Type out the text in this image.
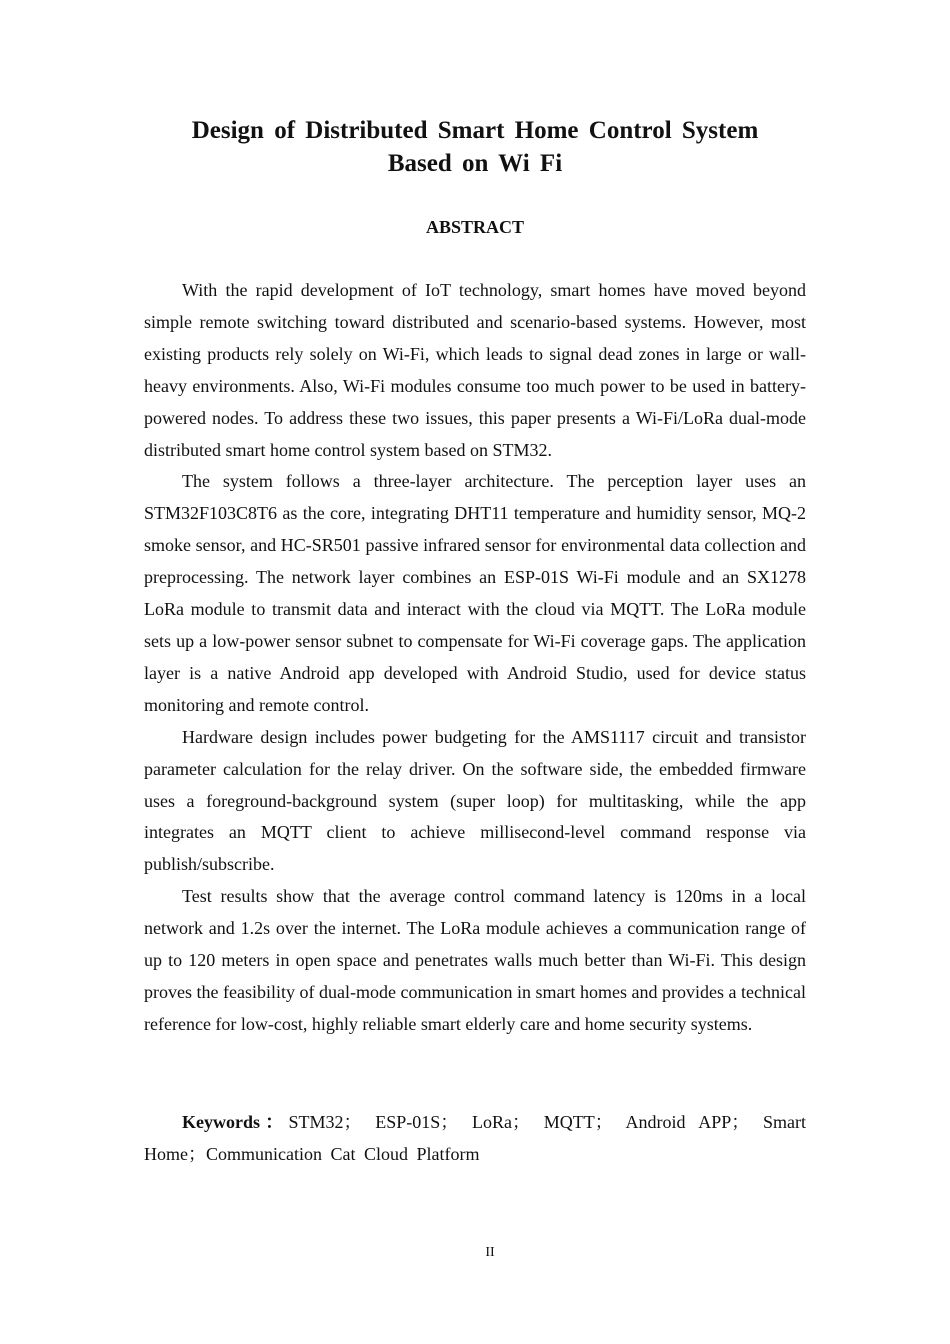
Design of Distributed Smart Home Control System
Based on Wi Fi
ABSTRACT

With the rapid development of IoT technology, smart homes have moved beyond simple remote switching toward distributed and scenario-based systems. However, most existing products rely solely on Wi-Fi, which leads to signal dead zones in large or wall-heavy environments. Also, Wi-Fi modules consume too much power to be used in battery-powered nodes. To address these two issues, this paper presents a Wi-Fi/LoRa dual-mode distributed smart home control system based on STM32.

The system follows a three-layer architecture. The perception layer uses an STM32F103C8T6 as the core, integrating DHT11 temperature and humidity sensor, MQ-2 smoke sensor, and HC-SR501 passive infrared sensor for environmental data collection and preprocessing. The network layer combines an ESP-01S Wi-Fi module and an SX1278 LoRa module to transmit data and interact with the cloud via MQTT. The LoRa module sets up a low-power sensor subnet to compensate for Wi-Fi coverage gaps. The application layer is a native Android app developed with Android Studio, used for device status monitoring and remote control.

Hardware design includes power budgeting for the AMS1117 circuit and transistor parameter calculation for the relay driver. On the software side, the embedded firmware uses a foreground-background system (super loop) for multitasking, while the app integrates an MQTT client to achieve millisecond-level command response via publish/subscribe.

Test results show that the average control command latency is 120ms in a local network and 1.2s over the internet. The LoRa module achieves a communication range of up to 120 meters in open space and penetrates walls much better than Wi-Fi. This design proves the feasibility of dual-mode communication in smart homes and provides a technical reference for low-cost, highly reliable smart elderly care and home security systems.

Keywords：STM32； ESP-01S； LoRa； MQTT； Android APP； Smart Home；Communication Cat Cloud Platform

II
